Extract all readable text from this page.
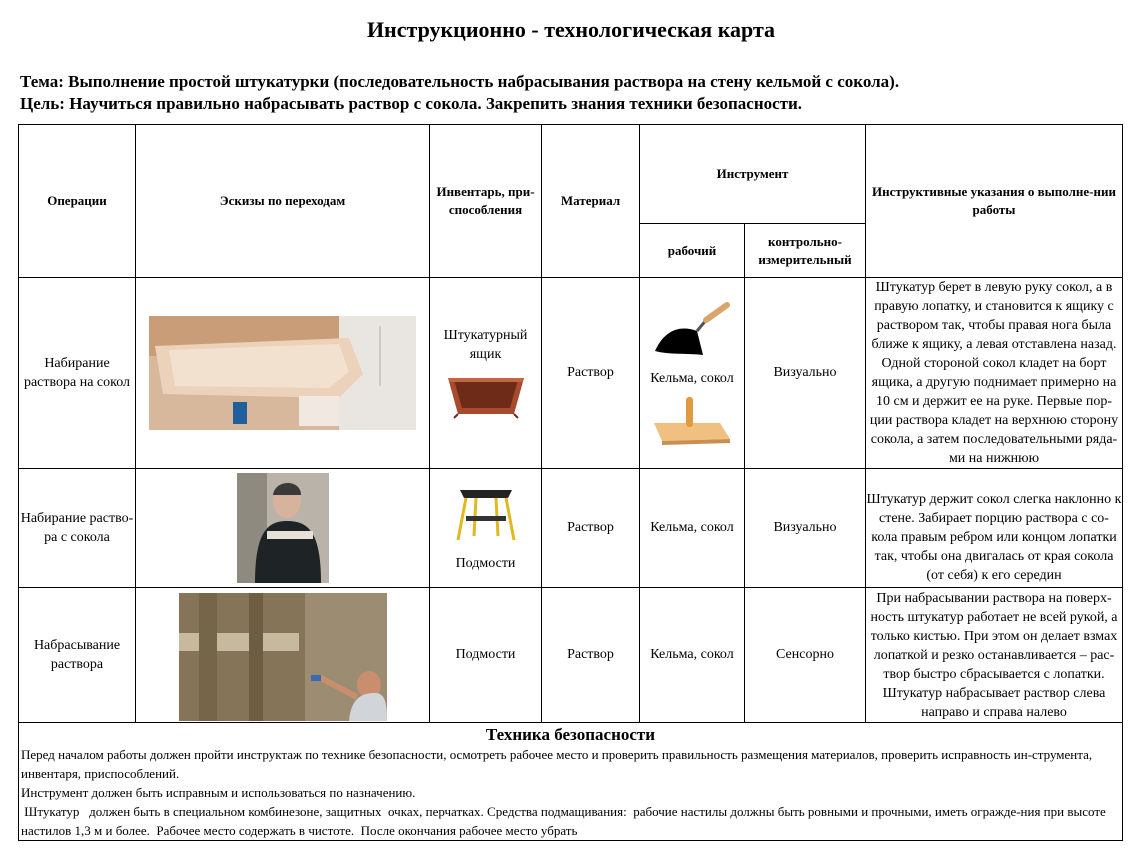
Инструкционно - технологическая карта
Тема: Выполнение простой штукатурки (последовательность набрасывания раствора на стену кельмой с сокола).
Цель: Научиться правильно набрасывать раствор с сокола. Закрепить знания техники безопасности.
Операции	Эскизы по переходам	Инвентарь, при-способления	Материал	Инструмент		Инструктивные указания о выполне-нии работы
				рабочий	контрольно-измерительный	
Набирание раствора на сокол		Штукатурный ящик	Раствор	Кельма, сокол	Визуально	Штукатур берет в левую руку сокол, а в правую лопатку, и становится к ящику с раствором так, чтобы правая нога была ближе к ящику, а левая отставлена назад. Одной стороной сокол кладет на борт ящика, а другую поднимает примерно на 10 см и держит ее на руке. Первые пор-ции раствора кладет на верхнюю сторону сокола, а затем последовательными ряда-ми на нижнюю
Набирание раство-ра с сокола		Подмости	Раствор	Кельма, сокол	Визуально	Штукатур держит сокол слегка наклонно к стене. Забирает порцию раствора с со-кола правым ребром или концом лопатки так, чтобы она двигалась от края сокола (от себя) к его середин
Набрасывание раствора		Подмости	Раствор	Кельма, сокол	Сенсорно	При набрасывании раствора на поверх-ность штукатур работает не всей рукой, а только кистью. При этом он делает взмах лопаткой и резко останавливается – рас-твор быстро сбрасывается с лопатки. Штукатур набрасывает раствор слева направо и справа налево

Техника безопасности

Перед началом работы должен пройти инструктаж по технике безопасности, осмотреть рабочее место и проверить правильность размещения материалов, проверить исправность ин-струмента, инвентаря, приспособлений.

Инструмент должен быть исправным и использоваться по назначению.

Штукатур   должен быть в специальном комбинезоне, защитных  очках, перчатках. Средства подмащивания:  рабочие настилы должны быть ровными и прочными, иметь огражде-ния при высоте настилов 1,3 м и более.  Рабочее место содержать в чистоте.  После окончания рабочее место убрать						
